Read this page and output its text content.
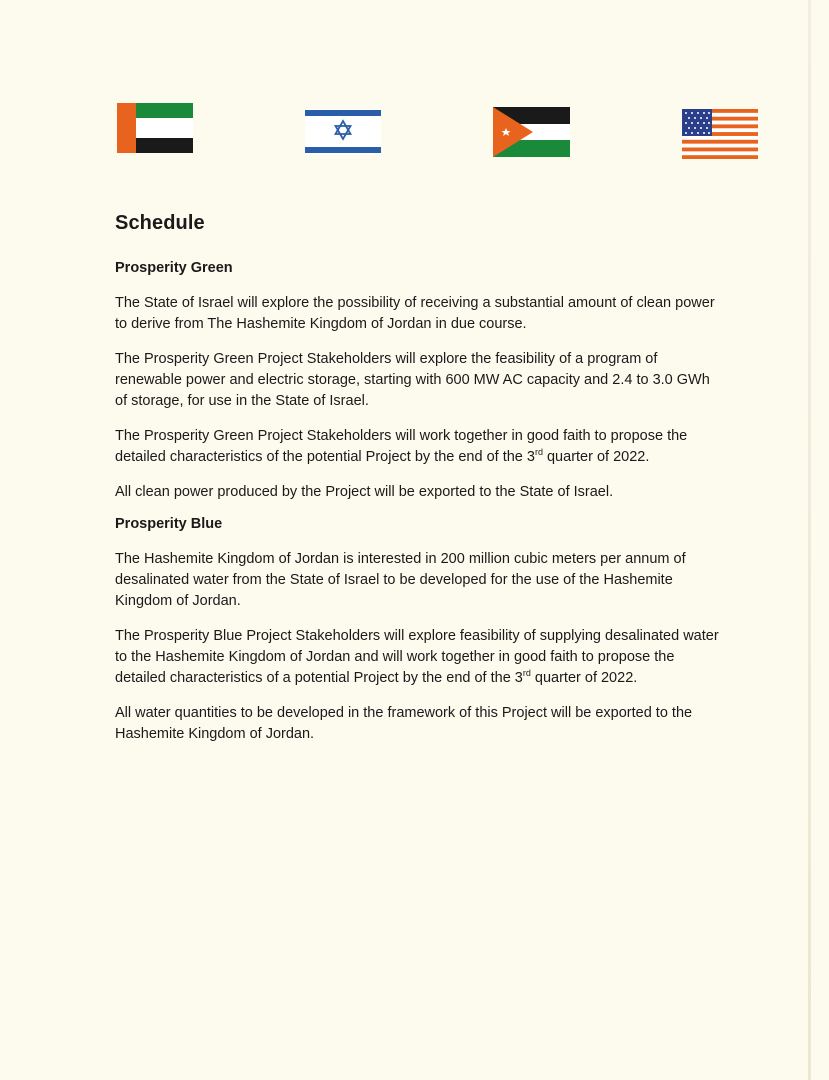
Schedule
Prosperity Green

The State of Israel will explore the possibility of receiving a substantial amount of clean power to derive from The Hashemite Kingdom of Jordan in due course.

The Prosperity Green Project Stakeholders will explore the feasibility of a program of renewable power and electric storage, starting with 600 MW AC capacity and 2.4 to 3.0 GWh of storage, for use in the State of Israel.

The Prosperity Green Project Stakeholders will work together in good faith to propose the detailed characteristics of the potential Project by the end of the 3rd quarter of 2022.

All clean power produced by the Project will be exported to the State of Israel.

Prosperity Blue

The Hashemite Kingdom of Jordan is interested in 200 million cubic meters per annum of desalinated water from the State of Israel to be developed for the use of the Hashemite Kingdom of Jordan.

The Prosperity Blue Project Stakeholders will explore feasibility of supplying desalinated water to the Hashemite Kingdom of Jordan and will work together in good faith to propose the detailed characteristics of a potential Project by the end of the 3rd quarter of 2022.

All water quantities to be developed in the framework of this Project will be exported to the Hashemite Kingdom of Jordan.
